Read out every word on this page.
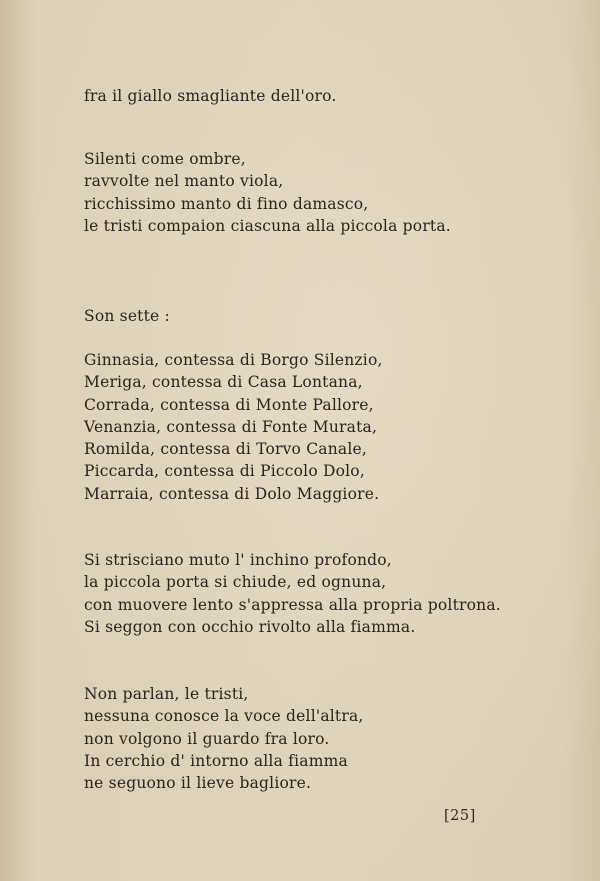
fra il giallo smagliante dell'oro.
Silenti come ombre,
ravvolte nel manto viola,
ricchissimo manto di fino damasco,
le tristi compaion ciascuna alla piccola porta.
Son sette :
Ginnasia, contessa di Borgo Silenzio,
Meriga, contessa di Casa Lontana,
Corrada, contessa di Monte Pallore,
Venanzia, contessa di Fonte Murata,
Romilda, contessa di Torvo Canale,
Piccarda, contessa di Piccolo Dolo,
Marraia, contessa di Dolo Maggiore.
Si strisciano muto l' inchino profondo,
la piccola porta si chiude, ed ognuna,
con muovere lento s'appressa alla propria poltrona.
Si seggon con occhio rivolto alla fiamma.
Non parlan, le tristi,
nessuna conosce la voce dell'altra,
non volgono il guardo fra loro.
In cerchio d' intorno alla fiamma
ne seguono il lieve bagliore.
[25]
